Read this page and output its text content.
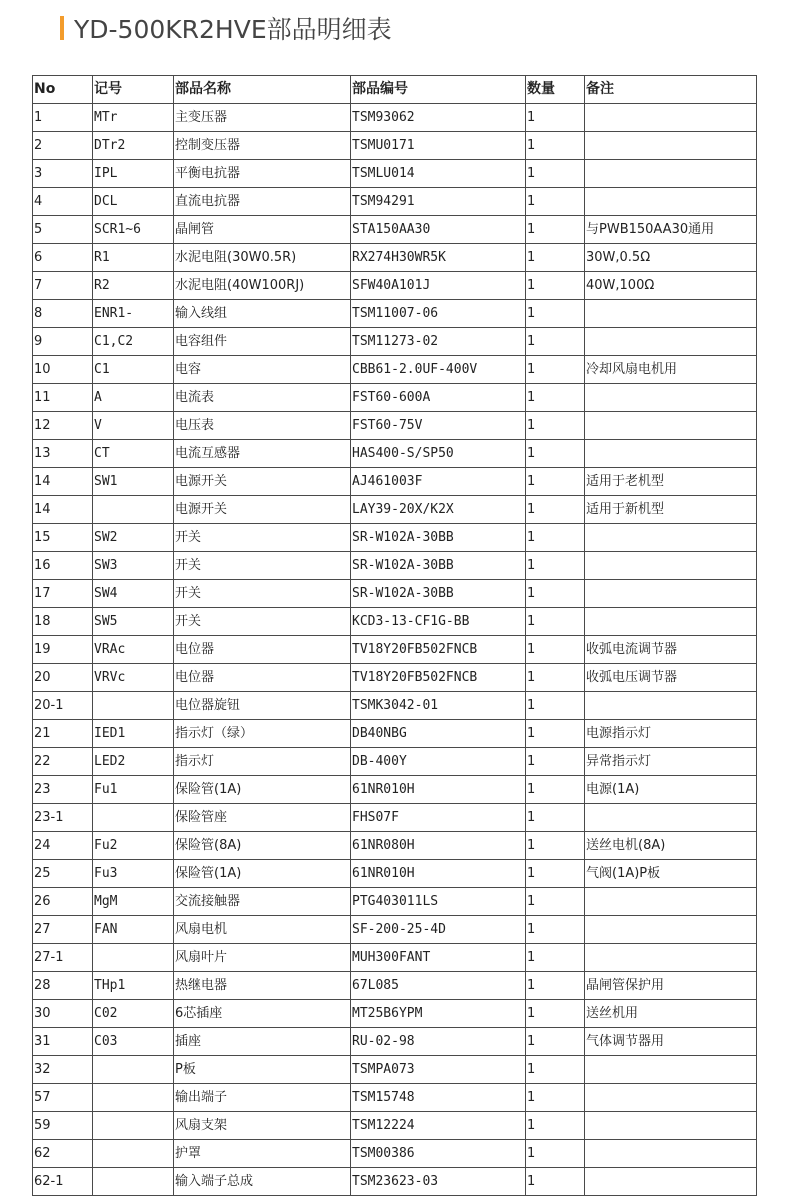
YD-500KR2HVE部品明细表
No	记号	部品名称	部品编号	数量	备注
1	MTr	主变压器	TSM93062	1	
2	DTr2	控制变压器	TSMU0171	1	
3	IPL	平衡电抗器	TSMLU014	1	
4	DCL	直流电抗器	TSM94291	1	
5	SCR1~6	晶闸管	STA150AA30	1	与PWB150AA30通用
6	R1	水泥电阻(30W0.5R)	RX274H30WR5K	1	30W,0.5Ω
7	R2	水泥电阻(40W100RJ)	SFW40A101J	1	40W,100Ω
8	ENR1-	输入线组	TSM11007-06	1	
9	C1,C2	电容组件	TSM11273-02	1	
10	C1	电容	CBB61-2.0UF-400V	1	冷却风扇电机用
11	A	电流表	FST60-600A	1	
12	V	电压表	FST60-75V	1	
13	CT	电流互感器	HAS400-S/SP50	1	
14	SW1	电源开关	AJ461003F	1	适用于老机型
14		电源开关	LAY39-20X/K2X	1	适用于新机型
15	SW2	开关	SR-W102A-30BB	1	
16	SW3	开关	SR-W102A-30BB	1	
17	SW4	开关	SR-W102A-30BB	1	
18	SW5	开关	KCD3-13-CF1G-BB	1	
19	VRAc	电位器	TV18Y20FB502FNCB	1	收弧电流调节器
20	VRVc	电位器	TV18Y20FB502FNCB	1	收弧电压调节器
20-1		电位器旋钮	TSMK3042-01	1	
21	IED1	指示灯（绿）	DB40NBG	1	电源指示灯
22	LED2	指示灯	DB-400Y	1	异常指示灯
23	Fu1	保险管(1A)	61NR010H	1	电源(1A)
23-1		保险管座	FHS07F	1	
24	Fu2	保险管(8A)	61NR080H	1	送丝电机(8A)
25	Fu3	保险管(1A)	61NR010H	1	气阀(1A)P板
26	MgM	交流接触器	PTG403011LS	1	
27	FAN	风扇电机	SF-200-25-4D	1	
27-1		风扇叶片	MUH300FANT	1	
28	THp1	热继电器	67L085	1	晶闸管保护用
30	C02	6芯插座	MT25B6YPM	1	送丝机用
31	C03	插座	RU-02-98	1	气体调节器用
32		P板	TSMPA073	1	
57		输出端子	TSM15748	1	
59		风扇支架	TSM12224	1	
62		护罩	TSM00386	1	
62-1		输入端子总成	TSM23623-03	1	
